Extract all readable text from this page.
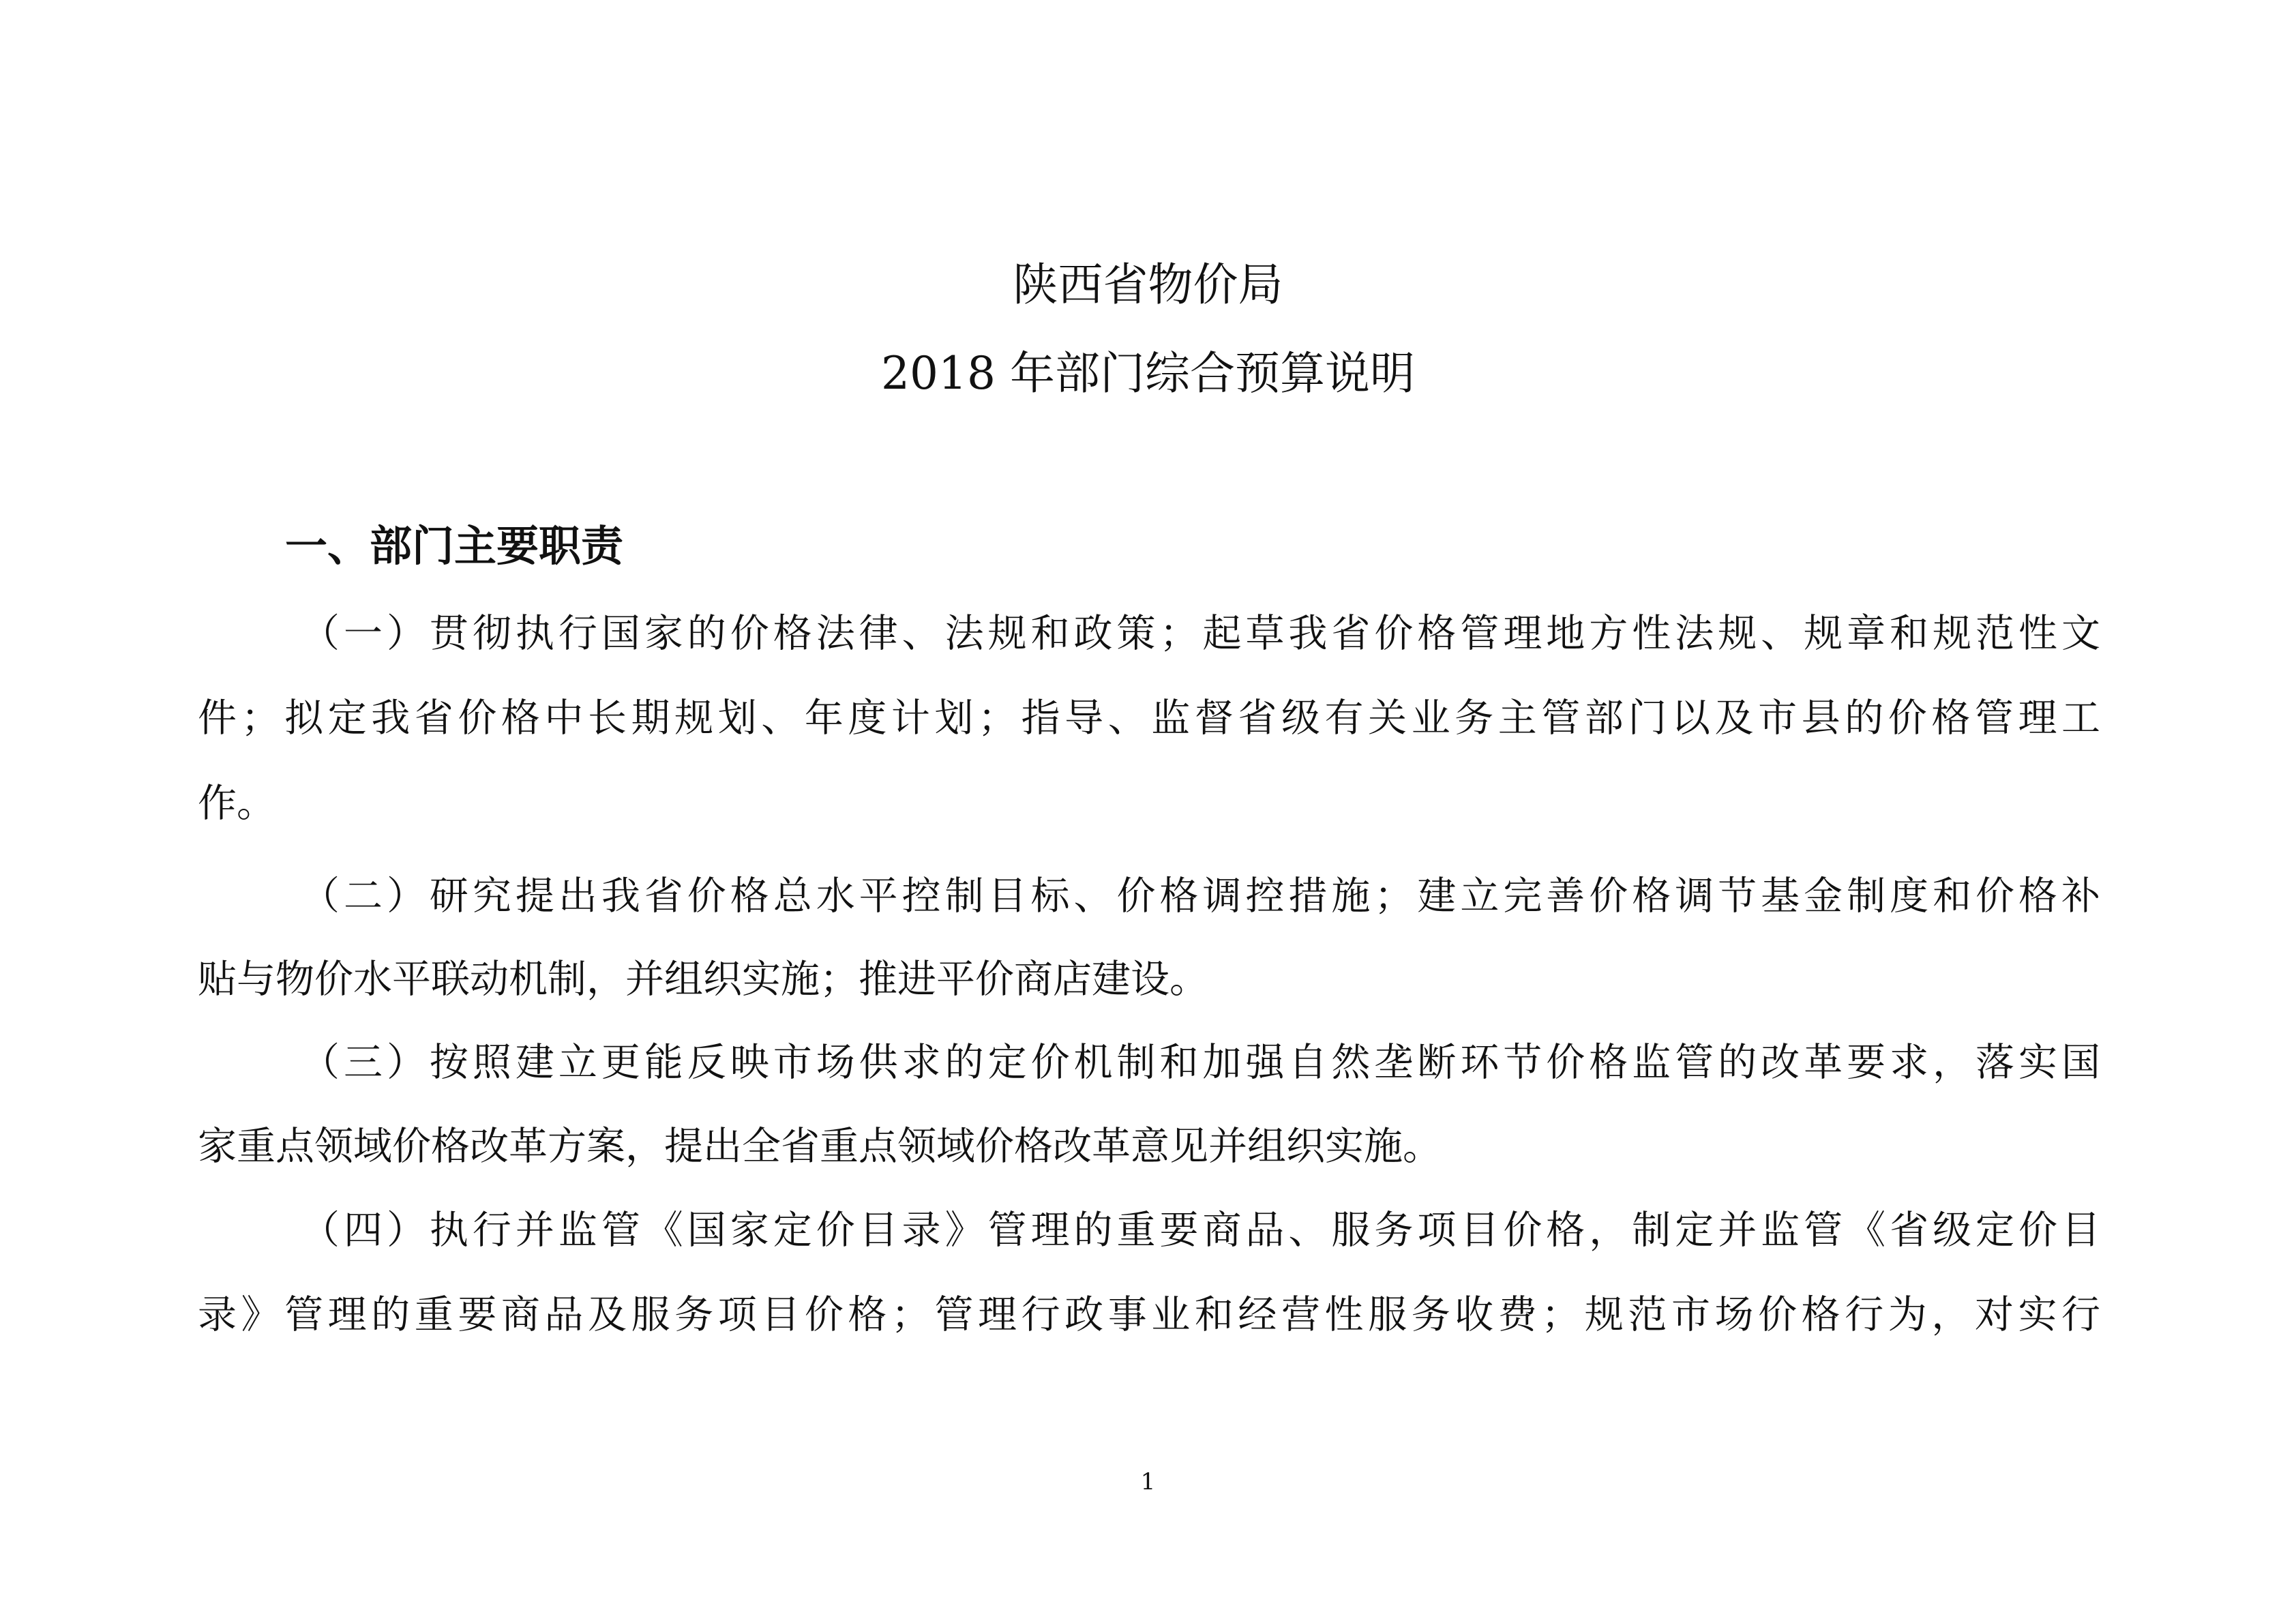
陕西省物价局
2018 年部门综合预算说明
一、部门主要职责
（一）贯彻执行国家的价格法律、法规和政策；起草我省价格管理地方性法规、规章和规范性文
件；拟定我省价格中长期规划、年度计划；指导、监督省级有关业务主管部门以及市县的价格管理工
作。
（二）研究提出我省价格总水平控制目标、价格调控措施；建立完善价格调节基金制度和价格补
贴与物价水平联动机制，并组织实施；推进平价商店建设。
（三）按照建立更能反映市场供求的定价机制和加强自然垄断环节价格监管的改革要求，落实国
家重点领域价格改革方案，提出全省重点领域价格改革意见并组织实施。
（四）执行并监管《国家定价目录》管理的重要商品、服务项目价格，制定并监管《省级定价目
录》管理的重要商品及服务项目价格；管理行政事业和经营性服务收费；规范市场价格行为，对实行
1
